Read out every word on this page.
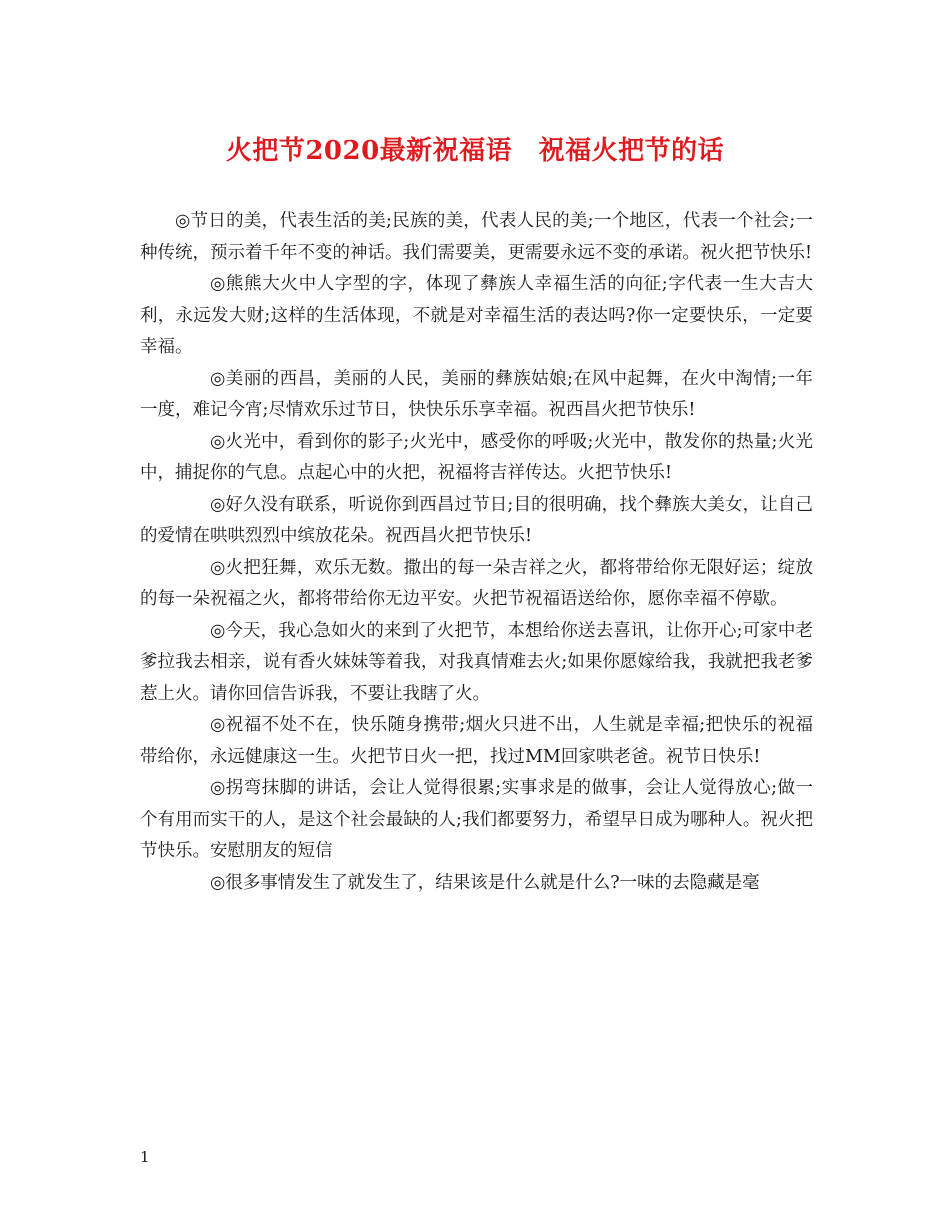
火把节2020最新祝福语　祝福火把节的话

◎节日的美，代表生活的美;民族的美，代表人民的美;一个地区，代表一个社会;一种传统，预示着千年不变的神话。我们需要美，更需要永远不变的承诺。祝火把节快乐!

◎熊熊大火中人字型的字，体现了彝族人幸福生活的向征;字代表一生大吉大利，永远发大财;这样的生活体现，不就是对幸福生活的表达吗?你一定要快乐，一定要幸福。

◎美丽的西昌，美丽的人民，美丽的彝族姑娘;在风中起舞，在火中淘情;一年一度，难记今宵;尽情欢乐过节日，快快乐乐享幸福。祝西昌火把节快乐!

◎火光中，看到你的影子;火光中，感受你的呼吸;火光中，散发你的热量;火光中，捕捉你的气息。点起心中的火把，祝福将吉祥传达。火把节快乐!

◎好久没有联系，听说你到西昌过节日;目的很明确，找个彝族大美女，让自己的爱情在哄哄烈烈中缤放花朵。祝西昌火把节快乐!

◎火把狂舞，欢乐无数。撒出的每一朵吉祥之火，都将带给你无限好运；绽放的每一朵祝福之火，都将带给你无边平安。火把节祝福语送给你，愿你幸福不停歇。

◎今天，我心急如火的来到了火把节，本想给你送去喜讯，让你开心;可家中老爹拉我去相亲，说有香火妹妹等着我，对我真情难去火;如果你愿嫁给我，我就把我老爹惹上火。请你回信告诉我，不要让我瞎了火。

◎祝福不处不在，快乐随身携带;烟火只进不出，人生就是幸福;把快乐的祝福带给你，永远健康这一生。火把节日火一把，找过MM回家哄老爸。祝节日快乐!

◎拐弯抹脚的讲话，会让人觉得很累;实事求是的做事，会让人觉得放心;做一个有用而实干的人，是这个社会最缺的人;我们都要努力，希望早日成为哪种人。祝火把节快乐。安慰朋友的短信

◎很多事情发生了就发生了，结果该是什么就是什么?一味的去隐藏是毫

1
